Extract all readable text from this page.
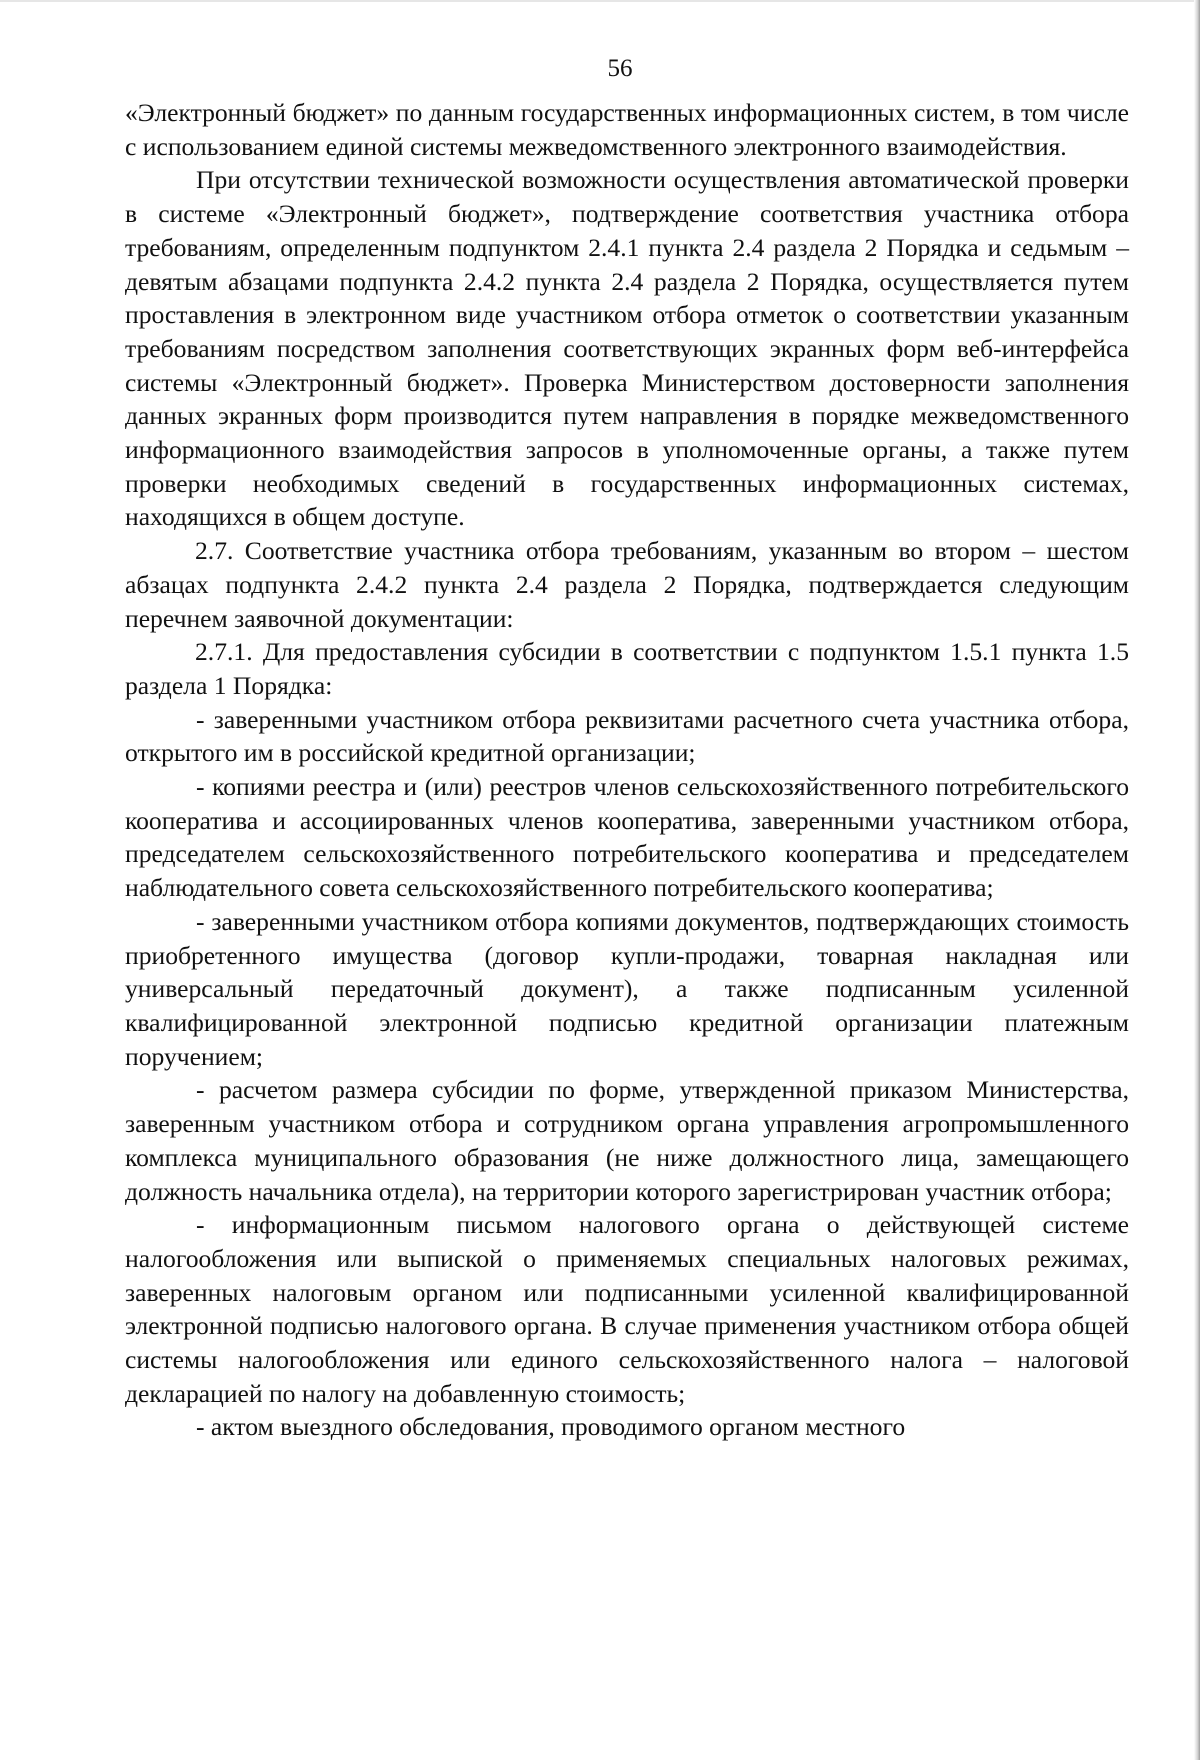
56

«Электронный бюджет» по данным государственных информационных систем, в том числе с использованием единой системы межведомственного электронного взаимодействия.

При отсутствии технической возможности осуществления автоматической проверки в системе «Электронный бюджет», подтверждение соответствия участника отбора требованиям, определенным подпунктом 2.4.1 пункта 2.4 раздела 2 Порядка и седьмым – девятым абзацами подпункта 2.4.2 пункта 2.4 раздела 2 Порядка, осуществляется путем проставления в электронном виде участником отбора отметок о соответствии указанным требованиям посредством заполнения соответствующих экранных форм веб-интерфейса системы «Электронный бюджет». Проверка Министерством достоверности заполнения данных экранных форм производится путем направления в порядке межведомственного информационного взаимодействия запросов в уполномоченные органы, а также путем проверки необходимых сведений в государственных информационных системах, находящихся в общем доступе.

2.7. Соответствие участника отбора требованиям, указанным во втором – шестом абзацах подпункта 2.4.2 пункта 2.4 раздела 2 Порядка, подтверждается следующим перечнем заявочной документации:

2.7.1. Для предоставления субсидии в соответствии с подпунктом 1.5.1 пункта 1.5 раздела 1 Порядка:

- заверенными участником отбора реквизитами расчетного счета участника отбора, открытого им в российской кредитной организации;

- копиями реестра и (или) реестров членов сельскохозяйственного потребительского кооператива и ассоциированных членов кооператива, заверенными участником отбора, председателем сельскохозяйственного потребительского кооператива и председателем наблюдательного совета сельскохозяйственного потребительского кооператива;

- заверенными участником отбора копиями документов, подтверждающих стоимость приобретенного имущества (договор купли-продажи, товарная накладная или универсальный передаточный документ), а также подписанным усиленной квалифицированной электронной подписью кредитной организации платежным поручением;

- расчетом размера субсидии по форме, утвержденной приказом Министерства, заверенным участником отбора и сотрудником органа управления агропромышленного комплекса муниципального образования (не ниже должностного лица, замещающего должность начальника отдела), на территории которого зарегистрирован участник отбора;

- информационным письмом налогового органа о действующей системе налогообложения или выпиской о применяемых специальных налоговых режимах, заверенных налоговым органом или подписанными усиленной квалифицированной электронной подписью налогового органа. В случае применения участником отбора общей системы налогообложения или единого сельскохозяйственного налога – налоговой декларацией по налогу на добавленную стоимость;

- актом выездного обследования, проводимого органом местного
